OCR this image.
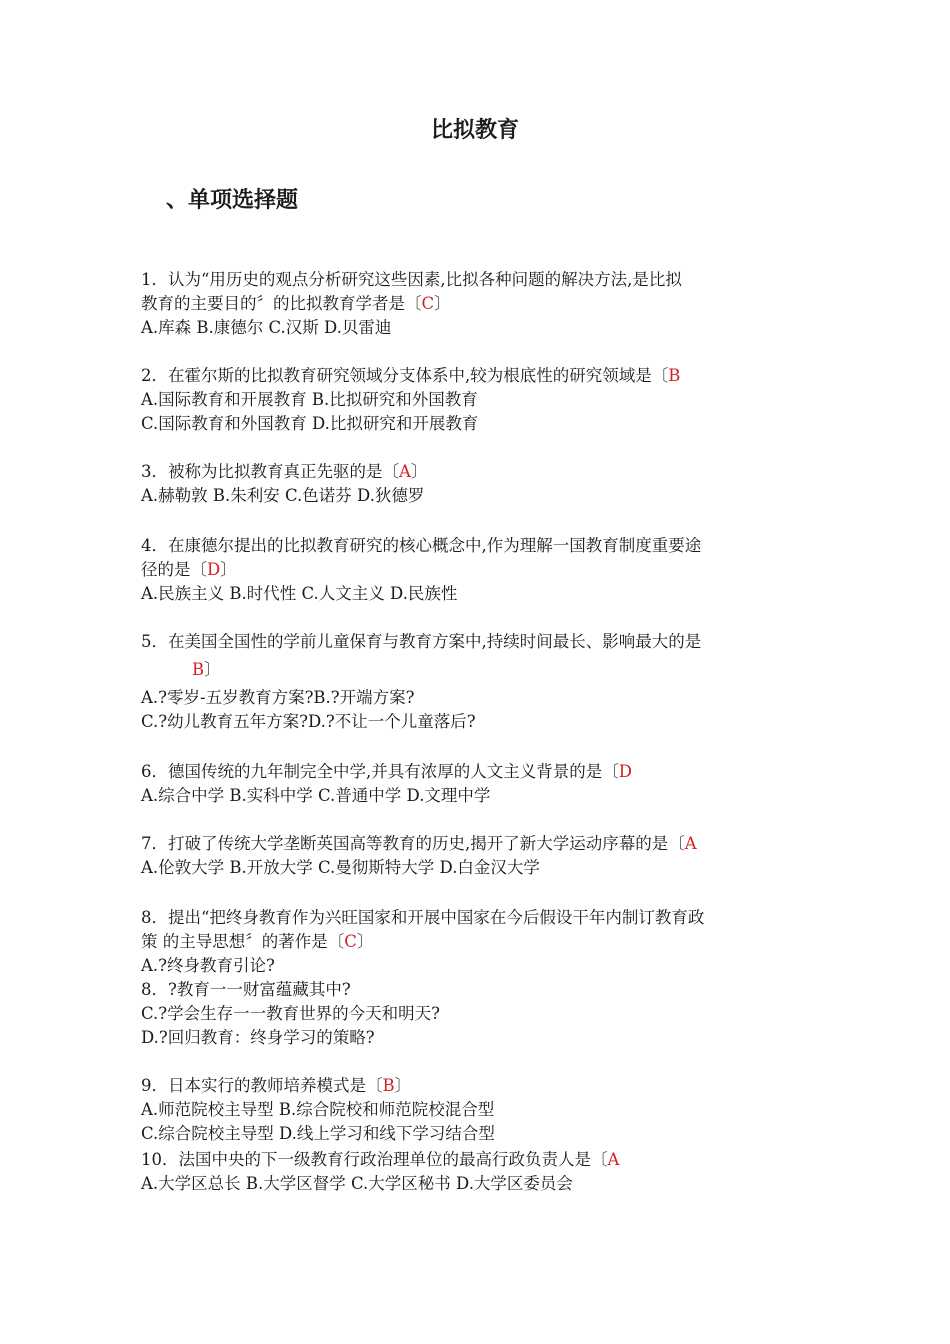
比拟教育
、单项选择题
1．认为“用历史的观点分析研究这些因素,比拟各种问题的解决方法,是比拟
教育的主要目的〞的比拟教育学者是〔C〕
A.库森 B.康德尔 C.汉斯 D.贝雷迪
2．在霍尔斯的比拟教育研究领域分支体系中,较为根底性的研究领域是〔B
A.国际教育和开展教育 B.比拟研究和外国教育
C.国际教育和外国教育 D.比拟研究和开展教育
3．被称为比拟教育真正先驱的是〔A〕
A.赫勒敦 B.朱利安 C.色诺芬 D.狄德罗
4．在康德尔提出的比拟教育研究的核心概念中,作为理解一国教育制度重要途
径的是〔D〕
A.民族主义 B.时代性 C.人文主义 D.民族性
5．在美国全国性的学前儿童保育与教育方案中,持续时间最长、影响最大的是
B〕
A.?零岁-五岁教育方案?B.?开端方案?
C.?幼儿教育五年方案?D.?不让一个儿童落后?
6．德国传统的九年制完全中学,并具有浓厚的人文主义背景的是〔D
A.综合中学 B.实科中学 C.普通中学 D.文理中学
7．打破了传统大学垄断英国高等教育的历史,揭开了新大学运动序幕的是〔A
A.伦敦大学 B.开放大学 C.曼彻斯特大学 D.白金汉大学
8．提出“把终身教育作为兴旺国家和开展中国家在今后假设干年内制订教育政
策 的主导思想〞的著作是〔C〕
A.?终身教育引论?
8．?教育一一财富蕴藏其中?
C.?学会生存一一教育世界的今天和明天?
D.?回归教育：终身学习的策略?
9．日本实行的教师培养模式是〔B〕
A.师范院校主导型 B.综合院校和师范院校混合型
C.综合院校主导型 D.线上学习和线下学习结合型
10．法国中央的下一级教育行政治理单位的最高行政负责人是〔A
A.大学区总长 B.大学区督学 C.大学区秘书 D.大学区委员会
